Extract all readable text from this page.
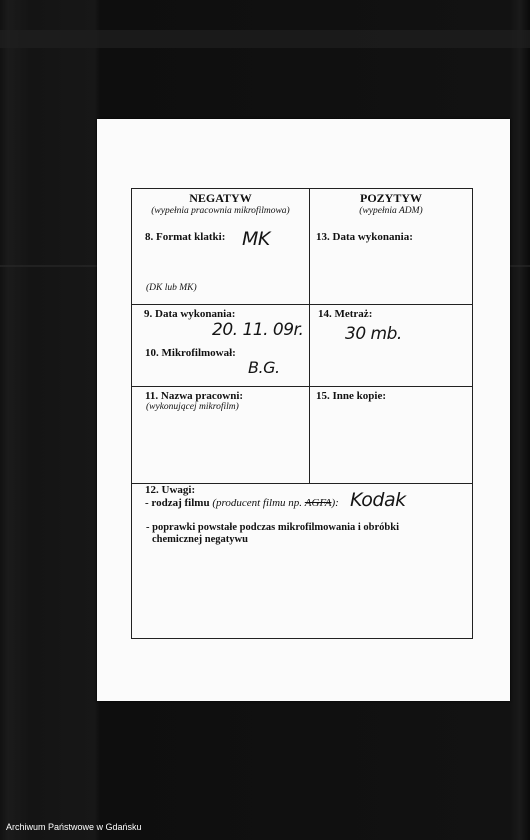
NEGATYW
(wypełnia pracownia mikrofilmowa)
POZYTYW
(wypełnia ADM)
8. Format klatki: MK
(DK lub MK)
13. Data wykonania:
9. Data wykonania:
20. 11. 09r.
10. Mikrofilmował:
B.G.
14. Metraż:
30 mb.
11. Nazwa pracowni:
(wykonującej mikrofilm)
15. Inne kopie:
12. Uwagi:
- rodzaj filmu (producent filmu np. AGFA): Kodak
- poprawki powstałe podczas mikrofilmowania i obróbki
chemicznej negatywu
Archiwum Państwowe w Gdańsku
